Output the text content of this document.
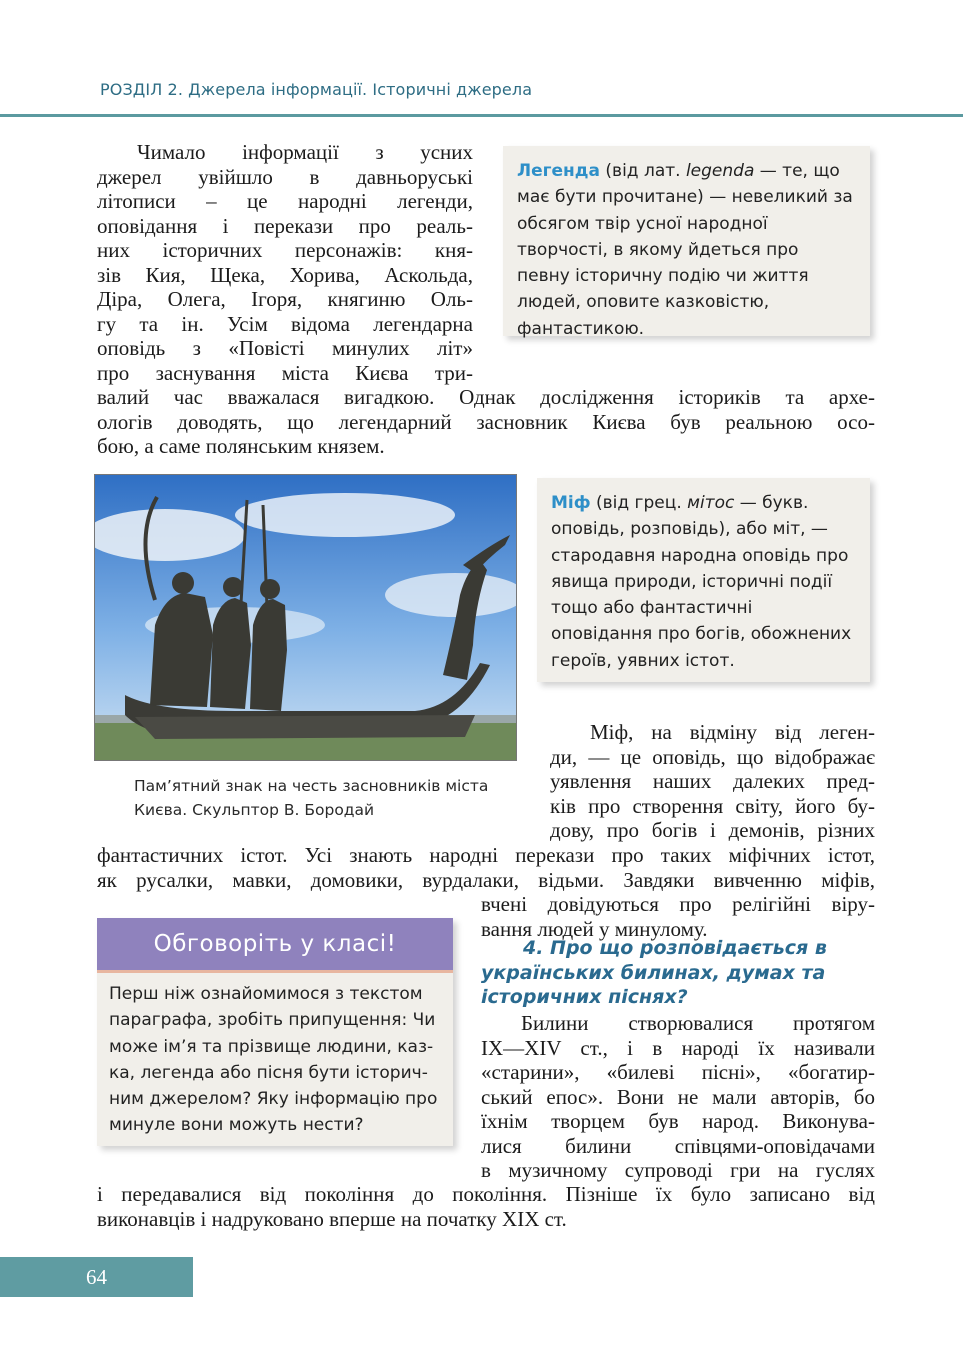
РОЗДІЛ 2. Джерела інформації. Історичні джерела
Чималo інформації з усних
джерел увійшло в давньоруські
літописи – це народні легенди,
оповідання і перекази про реаль-
них історичних персонажів: кня-
зів Кия, Щека, Хорива, Аскольда,
Діра, Олега, Ігоря, княгиню Оль-
гу та ін. Усім відома легендарна
оповідь з «Повісті минулих літ»
про заснування міста Києва три-
валий час вважалася вигадкою. Однак дослідження істориків та архе-
ологів доводять, що легендарний засновник Києва був реальною осо-
бою, а саме полянським князем.
Легенда (від лат. legenda — те, що має бути прочитане) — невеликий за обсягом твір усної народної творчості, в якому йдеться про певну історичну подію чи життя людей, оповите казковістю, фантастикою.
Пам’ятний знак на честь засновників міста
Києва. Скульптор В. Бородай
Міф (від грец. мітос — букв. оповідь, розповідь), або міт, — стародавня народна оповідь про явища природи, історичні події тощо або фантастичні оповідання про богів, обожнених героїв, уявних істот.
Міф, на відміну від леген-
ди, — це оповідь, що відображає
уявлення наших далеких пред-
ків про створення світу, його бу-
дову, про богів і демонів, різних
фантастичних істот. Усі знають народні перекази про таких міфічних істот,
як русалки, мавки, домовики, вурдалаки, відьми. Завдяки вивченню міфів,
вчені довідуються про релігійні віру-
вання людей у минулому.
Обговоріть у класі!
Перш ніж ознайомимося з текстом
параграфа, зробіть припущення: Чи
може ім’я та прізвище людини, каз-
ка, легенда або пісня бути історич-
ним джерелом? Яку інформацію про
минуле вони можуть нести?
4. Про що розповідається в
українських билинах, думах та
історичних піснях?
Билини створювалися протягом
IX—XIV ст., і в народі їх називали
«старини», «билеві пісні», «богатир-
ський епос». Вони не мали авторів, бо
їхнім творцем був народ. Виконува-
лися билини співцями-оповідачами
в музичному супроводі гри на гуслях
і передавалися від покоління до покоління. Пізніше їх було записано від
виконавців і надруковано вперше на початку XIX ст.
64
